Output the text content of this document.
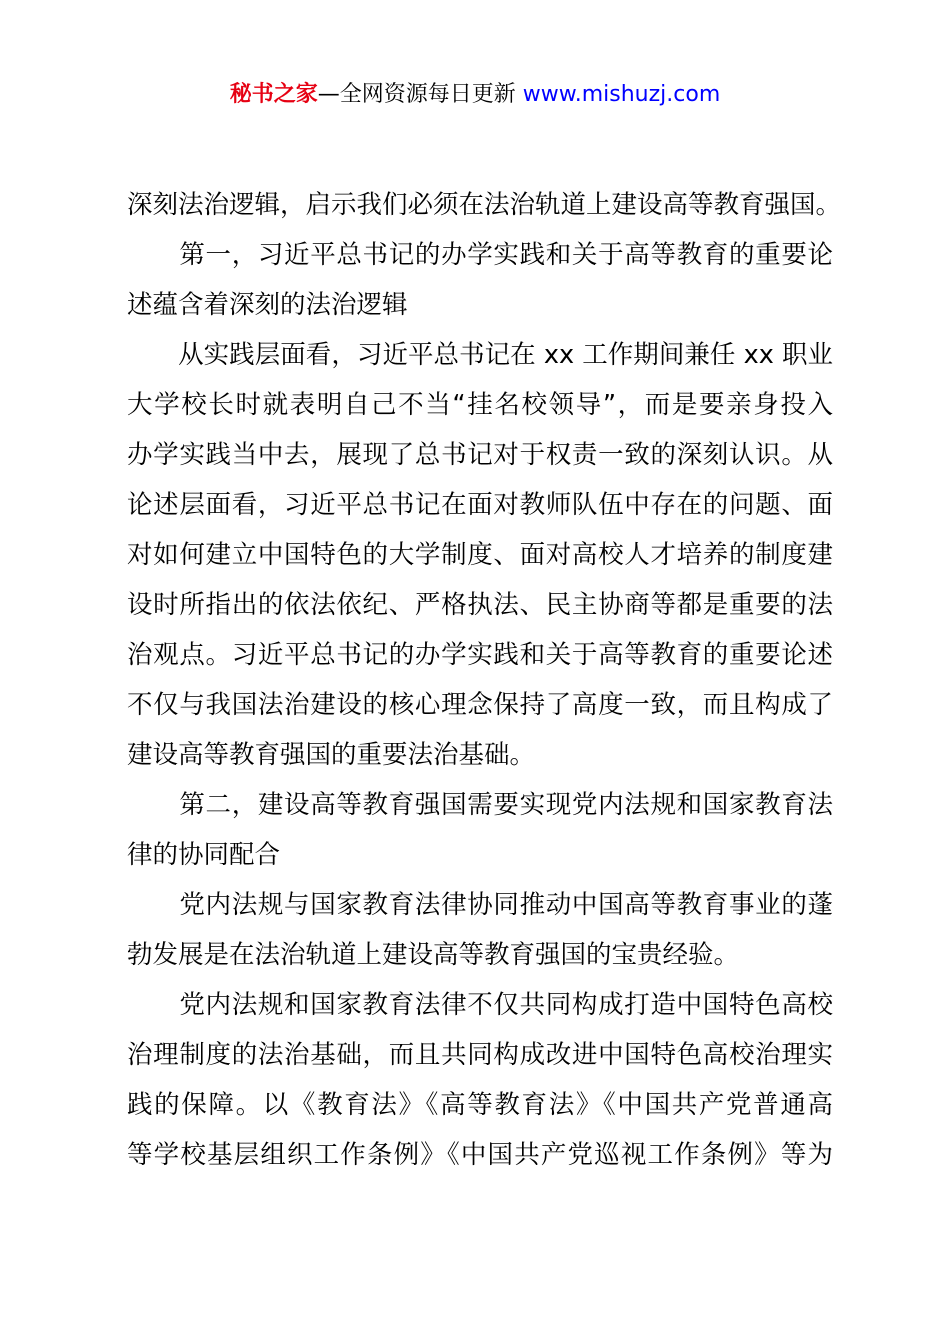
秘书之家—全网资源每日更新 www.mishuzj.com
深刻法治逻辑，启示我们必须在法治轨道上建设高等教育强国。
　　第一，习近平总书记的办学实践和关于高等教育的重要论
述蕴含着深刻的法治逻辑
　　从实践层面看，习近平总书记在 xx 工作期间兼任 xx 职业
大学校长时就表明自己不当“挂名校领导”，而是要亲身投入
办学实践当中去，展现了总书记对于权责一致的深刻认识。从
论述层面看，习近平总书记在面对教师队伍中存在的问题、面
对如何建立中国特色的大学制度、面对高校人才培养的制度建
设时所指出的依法依纪、严格执法、民主协商等都是重要的法
治观点。习近平总书记的办学实践和关于高等教育的重要论述
不仅与我国法治建设的核心理念保持了高度一致，而且构成了
建设高等教育强国的重要法治基础。
　　第二，建设高等教育强国需要实现党内法规和国家教育法
律的协同配合
　　党内法规与国家教育法律协同推动中国高等教育事业的蓬
勃发展是在法治轨道上建设高等教育强国的宝贵经验。
　　党内法规和国家教育法律不仅共同构成打造中国特色高校
治理制度的法治基础，而且共同构成改进中国特色高校治理实
践的保障。以《教育法》《高等教育法》《中国共产党普通高
等学校基层组织工作条例》《中国共产党巡视工作条例》等为
